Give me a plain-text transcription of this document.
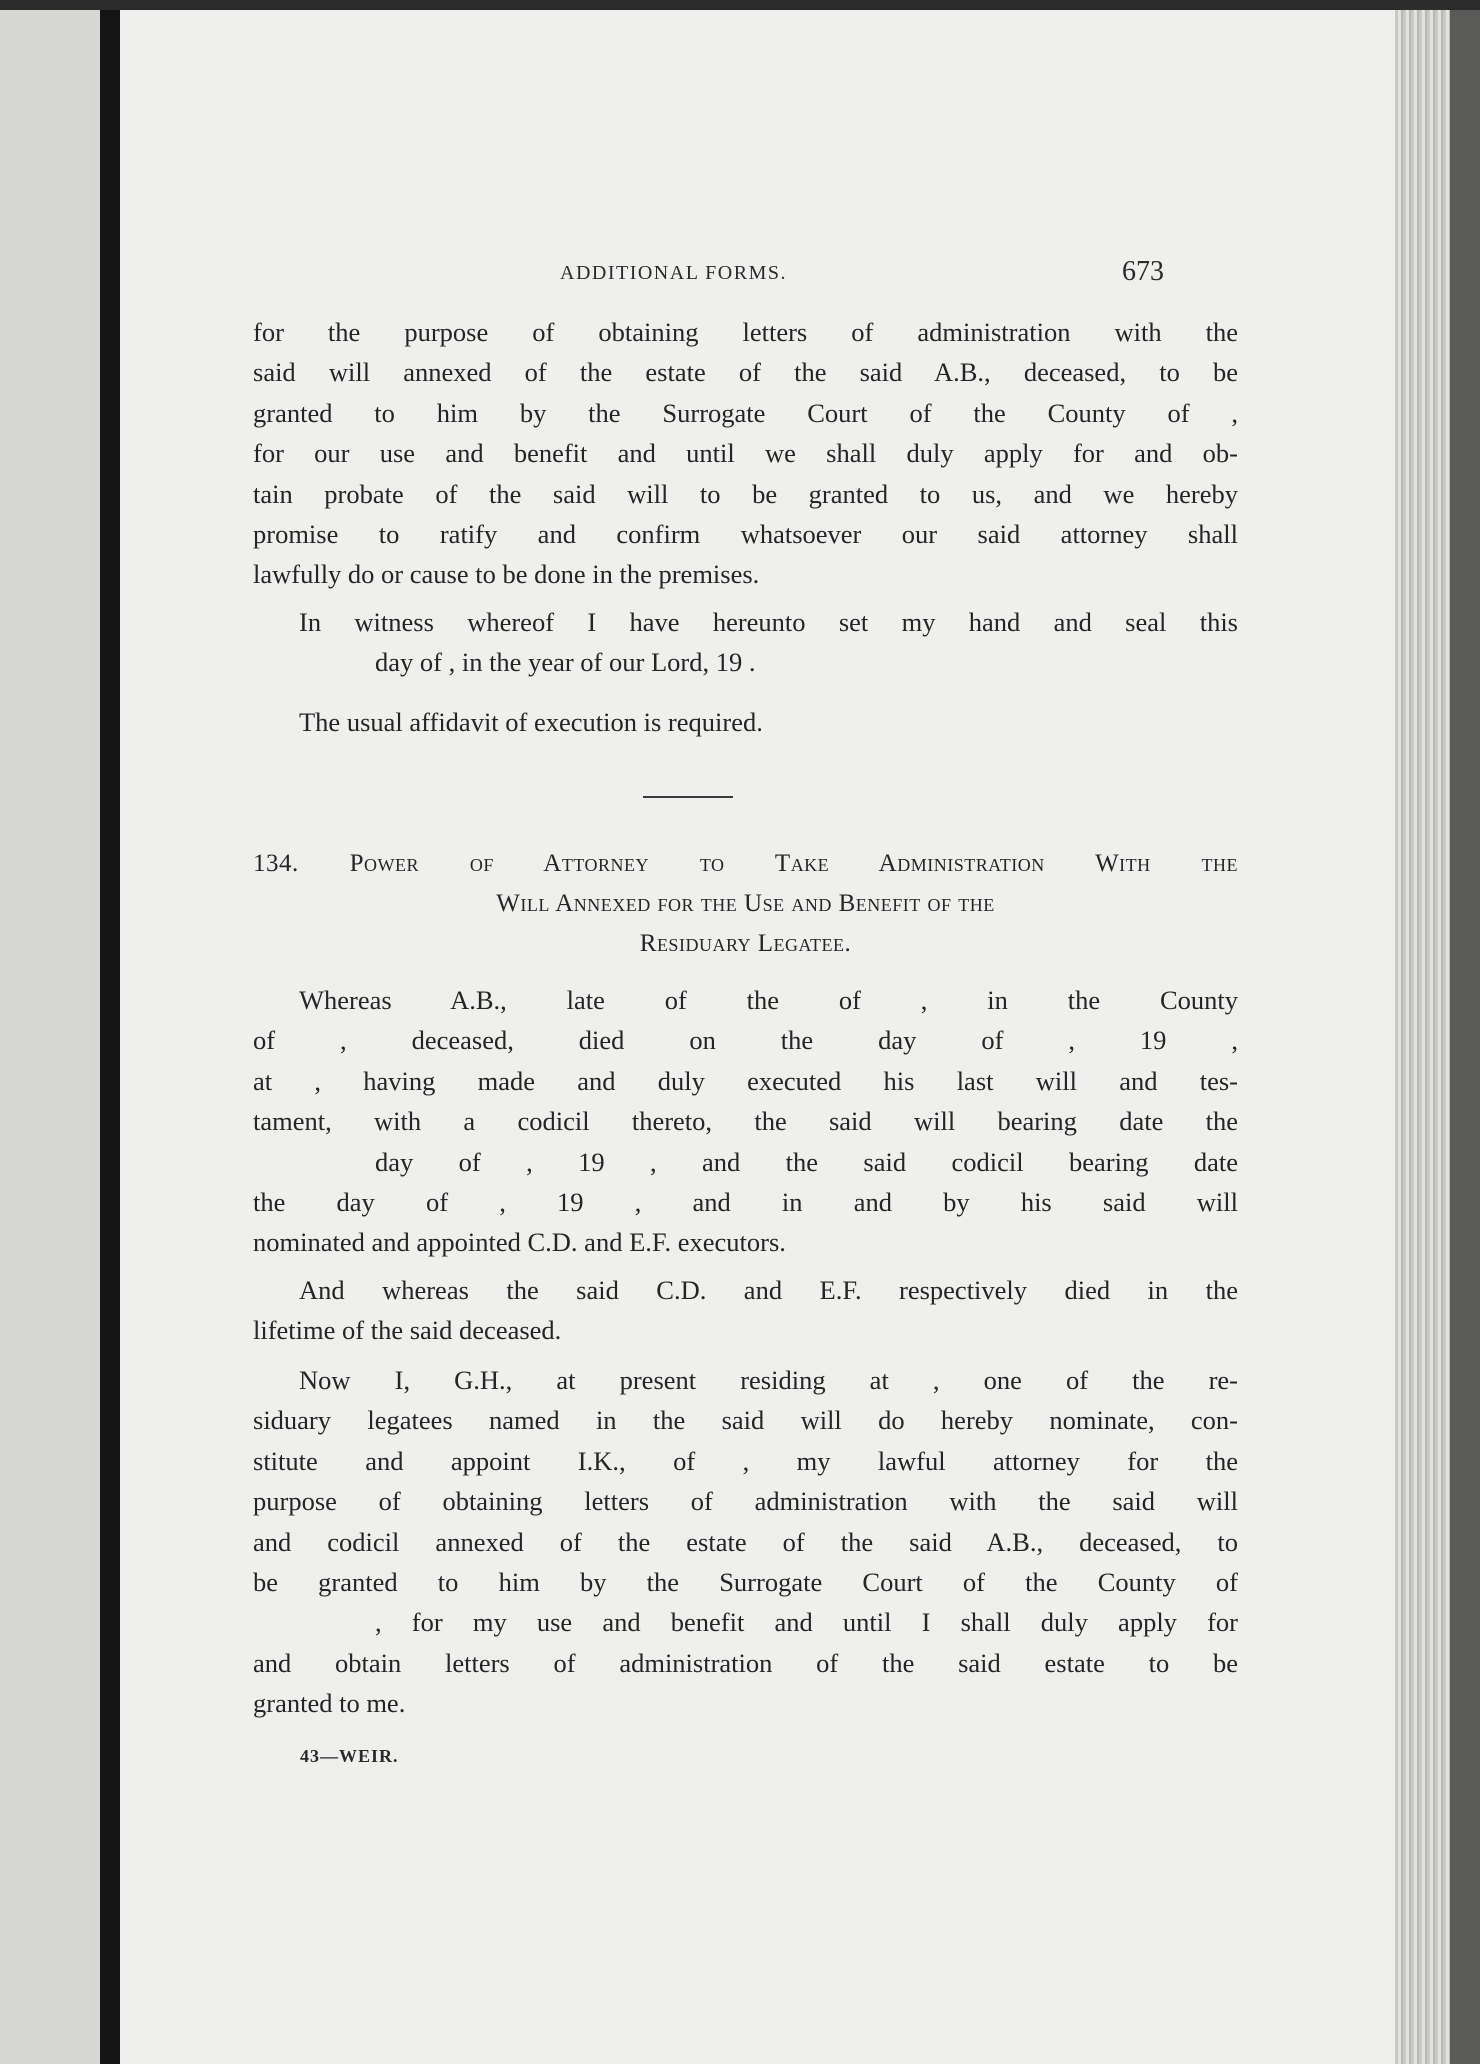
ADDITIONAL FORMS.	673
for the purpose of obtaining letters of administration with the
said will annexed of the estate of the said A.B., deceased, to be
granted to him by the Surrogate Court of the County of ,
for our use and benefit and until we shall duly apply for and ob-
tain probate of the said will to be granted to us, and we hereby
promise to ratify and confirm whatsoever our said attorney shall
lawfully do or cause to be done in the premises.
In witness whereof I have hereunto set my hand and seal this
day of , in the year of our Lord, 19 .
The usual affidavit of execution is required.
134. Power of Attorney to Take Administration With the
Will Annexed for the Use and Benefit of the
Residuary Legatee.
Whereas A.B., late of the of , in the County
of , deceased, died on the day of , 19 ,
at , having made and duly executed his last will and tes-
tament, with a codicil thereto, the said will bearing date the
day of , 19 , and the said codicil bearing date
the day of , 19 , and in and by his said will
nominated and appointed C.D. and E.F. executors.
And whereas the said C.D. and E.F. respectively died in the
lifetime of the said deceased.
Now I, G.H., at present residing at , one of the re-
siduary legatees named in the said will do hereby nominate, con-
stitute and appoint I.K., of , my lawful attorney for the
purpose of obtaining letters of administration with the said will
and codicil annexed of the estate of the said A.B., deceased, to
be granted to him by the Surrogate Court of the County of
, for my use and benefit and until I shall duly apply for
and obtain letters of administration of the said estate to be
granted to me.
43—WEIR.
